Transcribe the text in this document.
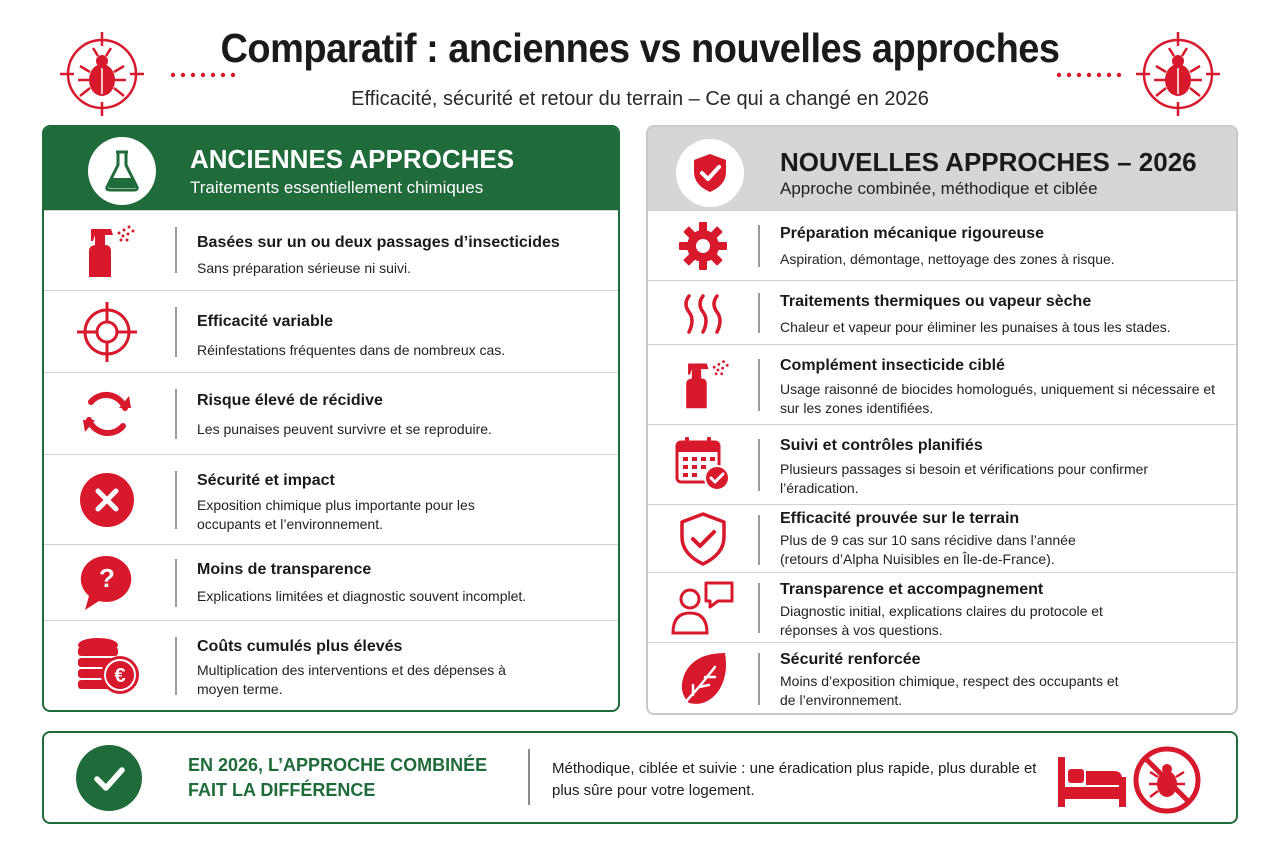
Comparatif : anciennes vs nouvelles approches
Efficacité, sécurité et retour du terrain – Ce qui a changé en 2026
ANCIENNES APPROCHES
Traitements essentiellement chimiques
Basées sur un ou deux passages d’insecticides
Sans préparation sérieuse ni suivi.
Efficacité variable
Réinfestations fréquentes dans de nombreux cas.
Risque élevé de récidive
Les punaises peuvent survivre et se reproduire.
Sécurité et impact
Exposition chimique plus importante pour les occupants et l’environnement.
?	Moins de transparence
Explications limitées et diagnostic souvent incomplet.
€
Coûts cumulés plus élevés
Multiplication des interventions et des dépenses à moyen terme.
NOUVELLES APPROCHES – 2026
Approche combinée, méthodique et ciblée
Préparation mécanique rigoureuse
Aspiration, démontage, nettoyage des zones à risque.
Traitements thermiques ou vapeur sèche
Chaleur et vapeur pour éliminer les punaises à tous les stades.
Complément insecticide ciblé
Usage raisonné de biocides homologués, uniquement si nécessaire et sur les zones identifiées.
Suivi et contrôles planifiés
Plusieurs passages si besoin et vérifications pour confirmer l’éradication.
Efficacité prouvée sur le terrain
Plus de 9 cas sur 10 sans récidive dans l’année (retours d’Alpha Nuisibles en Île-de-France).
Transparence et accompagnement
Diagnostic initial, explications claires du protocole et réponses à vos questions.
Sécurité renforcée
Moins d’exposition chimique, respect des occupants et de l’environnement.
EN 2026, L’APPROCHE COMBINÉE FAIT LA DIFFÉRENCE
Méthodique, ciblée et suivie : une éradication plus rapide, plus durable et plus sûre pour votre logement.
